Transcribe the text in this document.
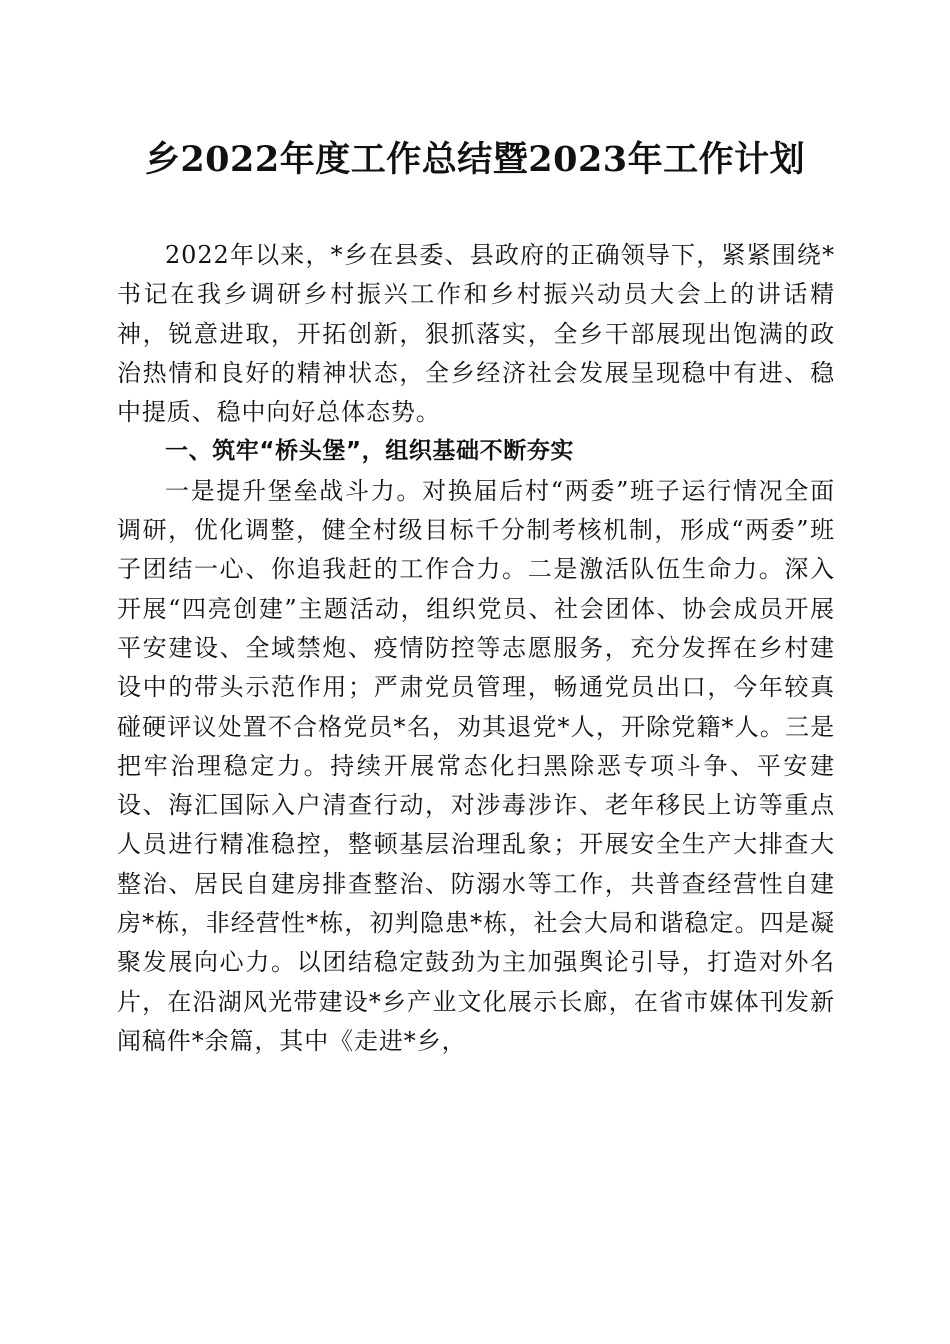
乡2022年度工作总结暨2023年工作计划

2022年以来，*乡在县委、县政府的正确领导下，紧紧围绕*书记在我乡调研乡村振兴工作和乡村振兴动员大会上的讲话精神，锐意进取，开拓创新，狠抓落实，全乡干部展现出饱满的政治热情和良好的精神状态，全乡经济社会发展呈现稳中有进、稳中提质、稳中向好总体态势。

一、筑牢“桥头堡”，组织基础不断夯实

一是提升堡垒战斗力。对换届后村“两委”班子运行情况全面调研，优化调整，健全村级目标千分制考核机制，形成“两委”班子团结一心、你追我赶的工作合力。二是激活队伍生命力。深入开展“四亮创建”主题活动，组织党员、社会团体、协会成员开展平安建设、全域禁炮、疫情防控等志愿服务，充分发挥在乡村建设中的带头示范作用；严肃党员管理，畅通党员出口，今年较真碰硬评议处置不合格党员*名，劝其退党*人，开除党籍*人。三是把牢治理稳定力。持续开展常态化扫黑除恶专项斗争、平安建设、海汇国际入户清查行动，对涉毒涉诈、老年移民上访等重点人员进行精准稳控，整顿基层治理乱象；开展安全生产大排查大整治、居民自建房排查整治、防溺水等工作，共普查经营性自建房*栋，非经营性*栋，初判隐患*栋，社会大局和谐稳定。四是凝聚发展向心力。以团结稳定鼓劲为主加强舆论引导，打造对外名片，在沿湖风光带建设*乡产业文化展示长廊，在省市媒体刊发新闻稿件*余篇，其中《走进*乡，
